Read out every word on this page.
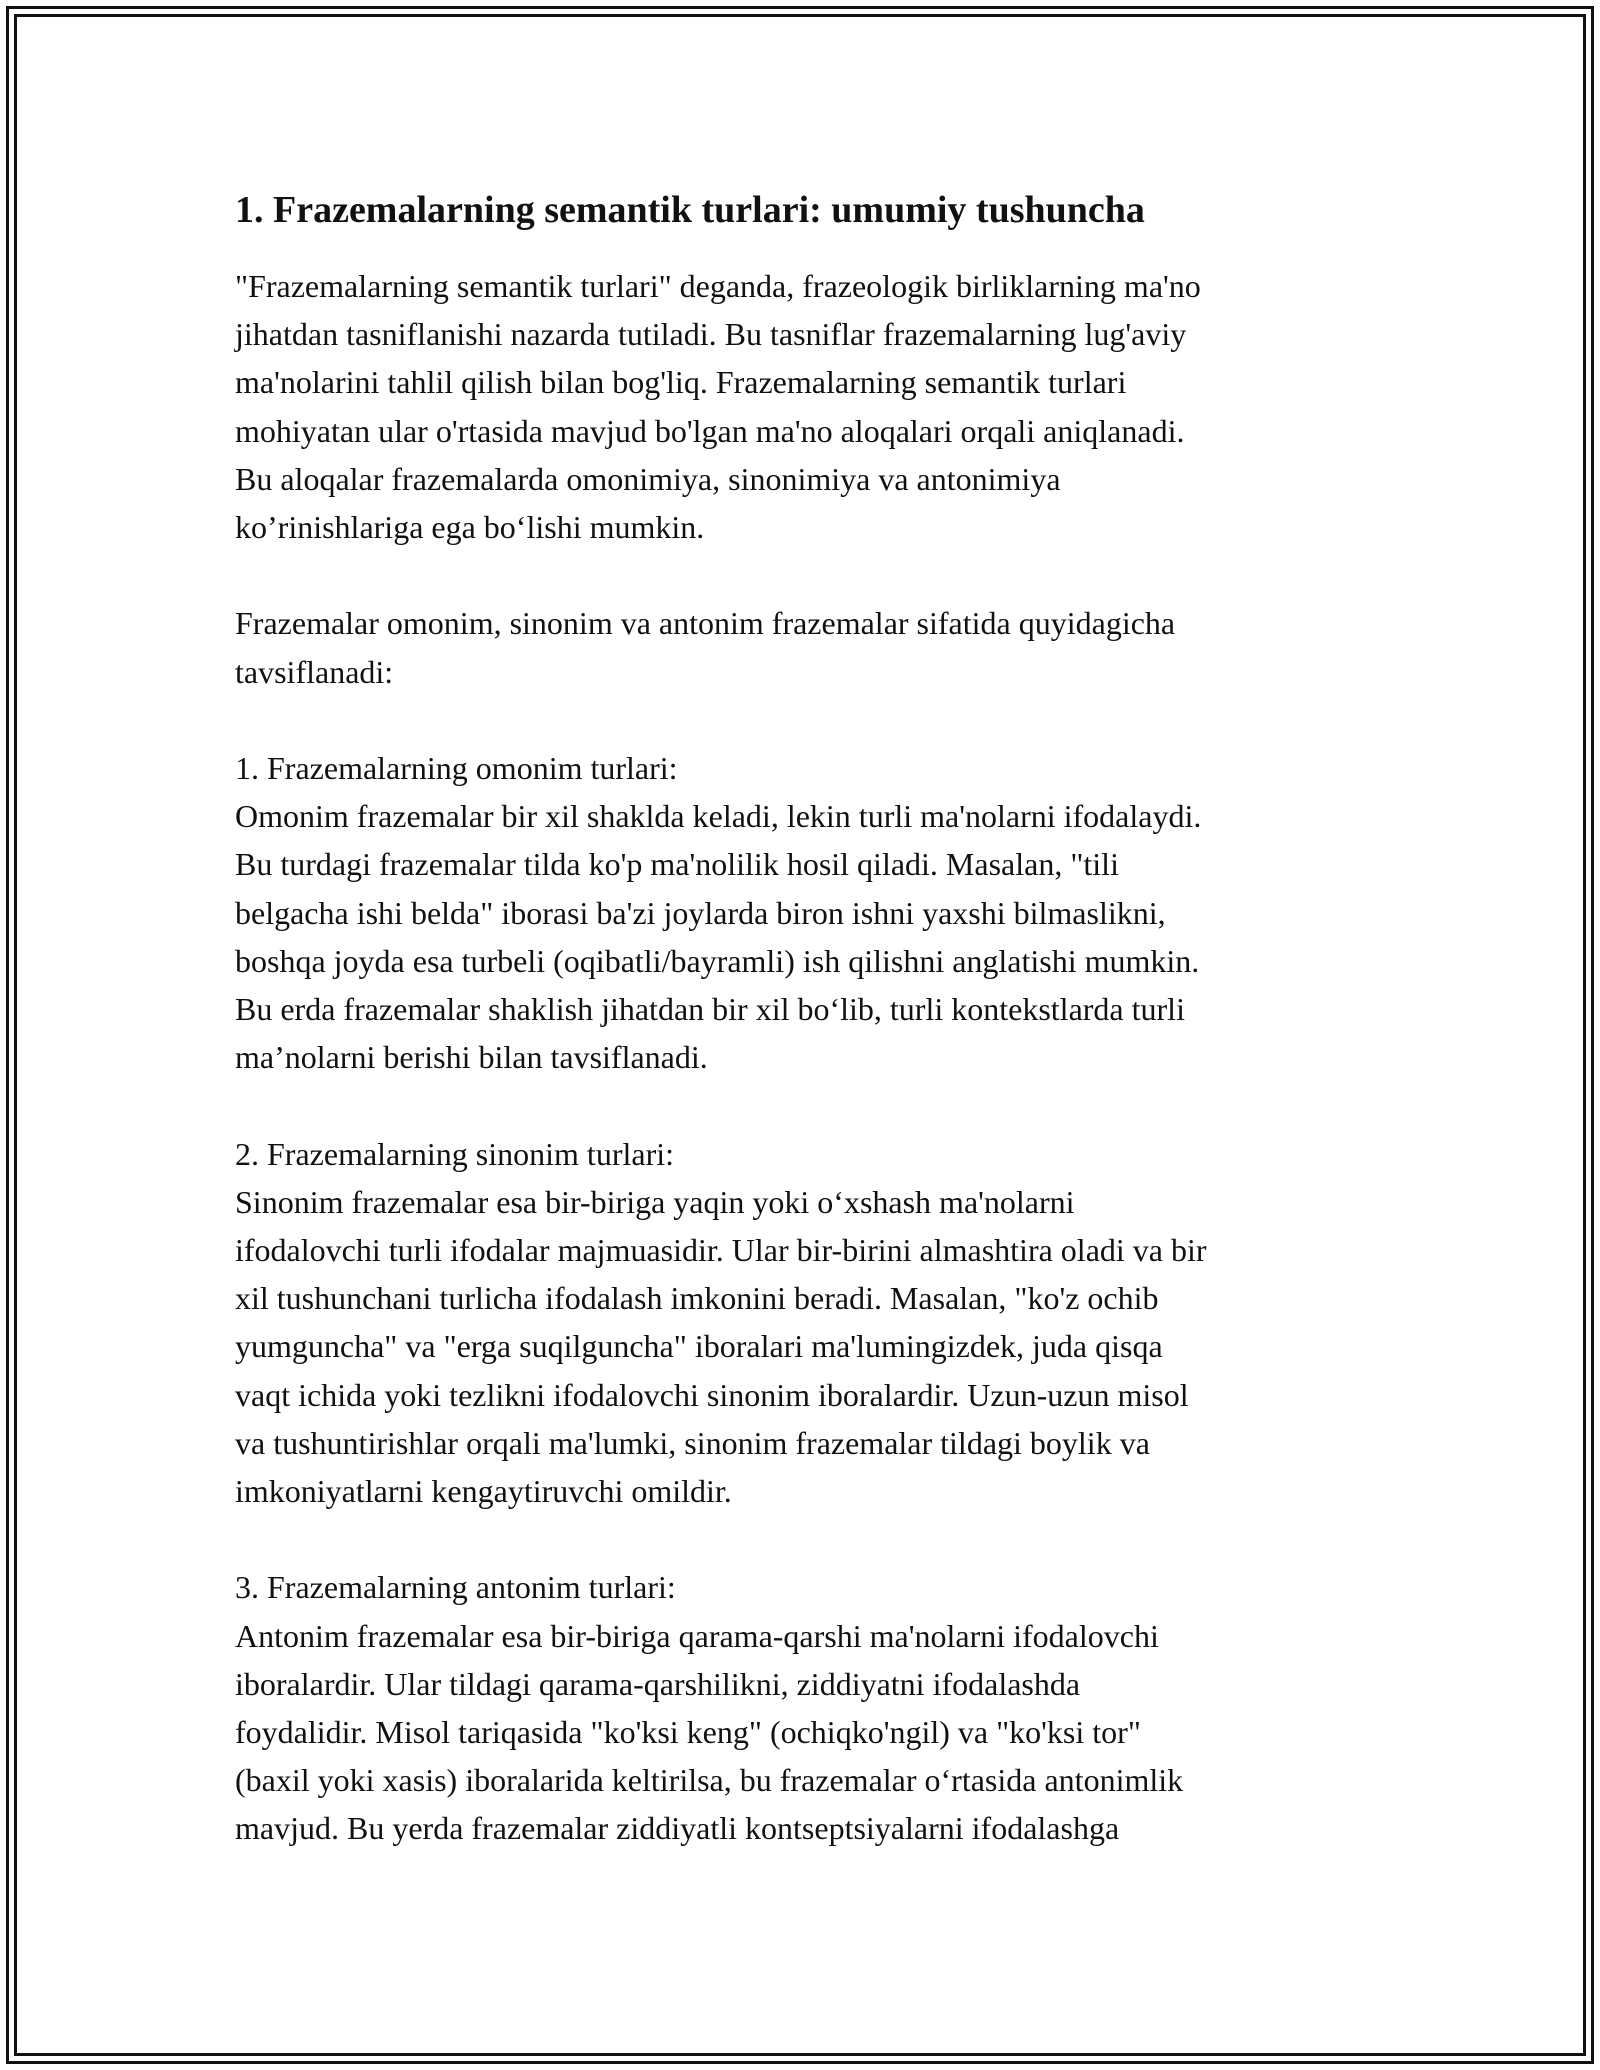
1. Frazemalarning semantik turlari: umumiy tushuncha

"Frazemalarning semantik turlari" deganda, frazeologik birliklarning ma'no
jihatdan tasniflanishi nazarda tutiladi. Bu tasniflar frazemalarning lug'aviy
ma'nolarini tahlil qilish bilan bog'liq. Frazemalarning semantik turlari
mohiyatan ular o'rtasida mavjud bo'lgan ma'no aloqalari orqali aniqlanadi.
Bu aloqalar frazemalarda omonimiya, sinonimiya va antonimiya
ko’rinishlariga ega bo‘lishi mumkin.

Frazemalar omonim, sinonim va antonim frazemalar sifatida quyidagicha
tavsiflanadi:

1. Frazemalarning omonim turlari:
Omonim frazemalar bir xil shaklda keladi, lekin turli ma'nolarni ifodalaydi.
Bu turdagi frazemalar tilda ko'p ma'nolilik hosil qiladi. Masalan, "tili
belgacha ishi belda" iborasi ba'zi joylarda biron ishni yaxshi bilmaslikni,
boshqa joyda esa turbeli (oqibatli/bayramli) ish qilishni anglatishi mumkin.
Bu erda frazemalar shaklish jihatdan bir xil bo‘lib, turli kontekstlarda turli
ma’nolarni berishi bilan tavsiflanadi.

2. Frazemalarning sinonim turlari:
Sinonim frazemalar esa bir-biriga yaqin yoki o‘xshash ma'nolarni
ifodalovchi turli ifodalar majmuasidir. Ular bir-birini almashtira oladi va bir
xil tushunchani turlicha ifodalash imkonini beradi. Masalan, "ko'z ochib
yumguncha" va "erga suqilguncha" iboralari ma'lumingizdek, juda qisqa
vaqt ichida yoki tezlikni ifodalovchi sinonim iboralardir. Uzun-uzun misol
va tushuntirishlar orqali ma'lumki, sinonim frazemalar tildagi boylik va
imkoniyatlarni kengaytiruvchi omildir.

3. Frazemalarning antonim turlari:
Antonim frazemalar esa bir-biriga qarama-qarshi ma'nolarni ifodalovchi
iboralardir. Ular tildagi qarama-qarshilikni, ziddiyatni ifodalashda
foydalidir. Misol tariqasida "ko'ksi keng" (ochiqko'ngil) va "ko'ksi tor"
(baxil yoki xasis) iboralarida keltirilsa, bu frazemalar o‘rtasida antonimlik
mavjud. Bu yerda frazemalar ziddiyatli kontseptsiyalarni ifodalashga
